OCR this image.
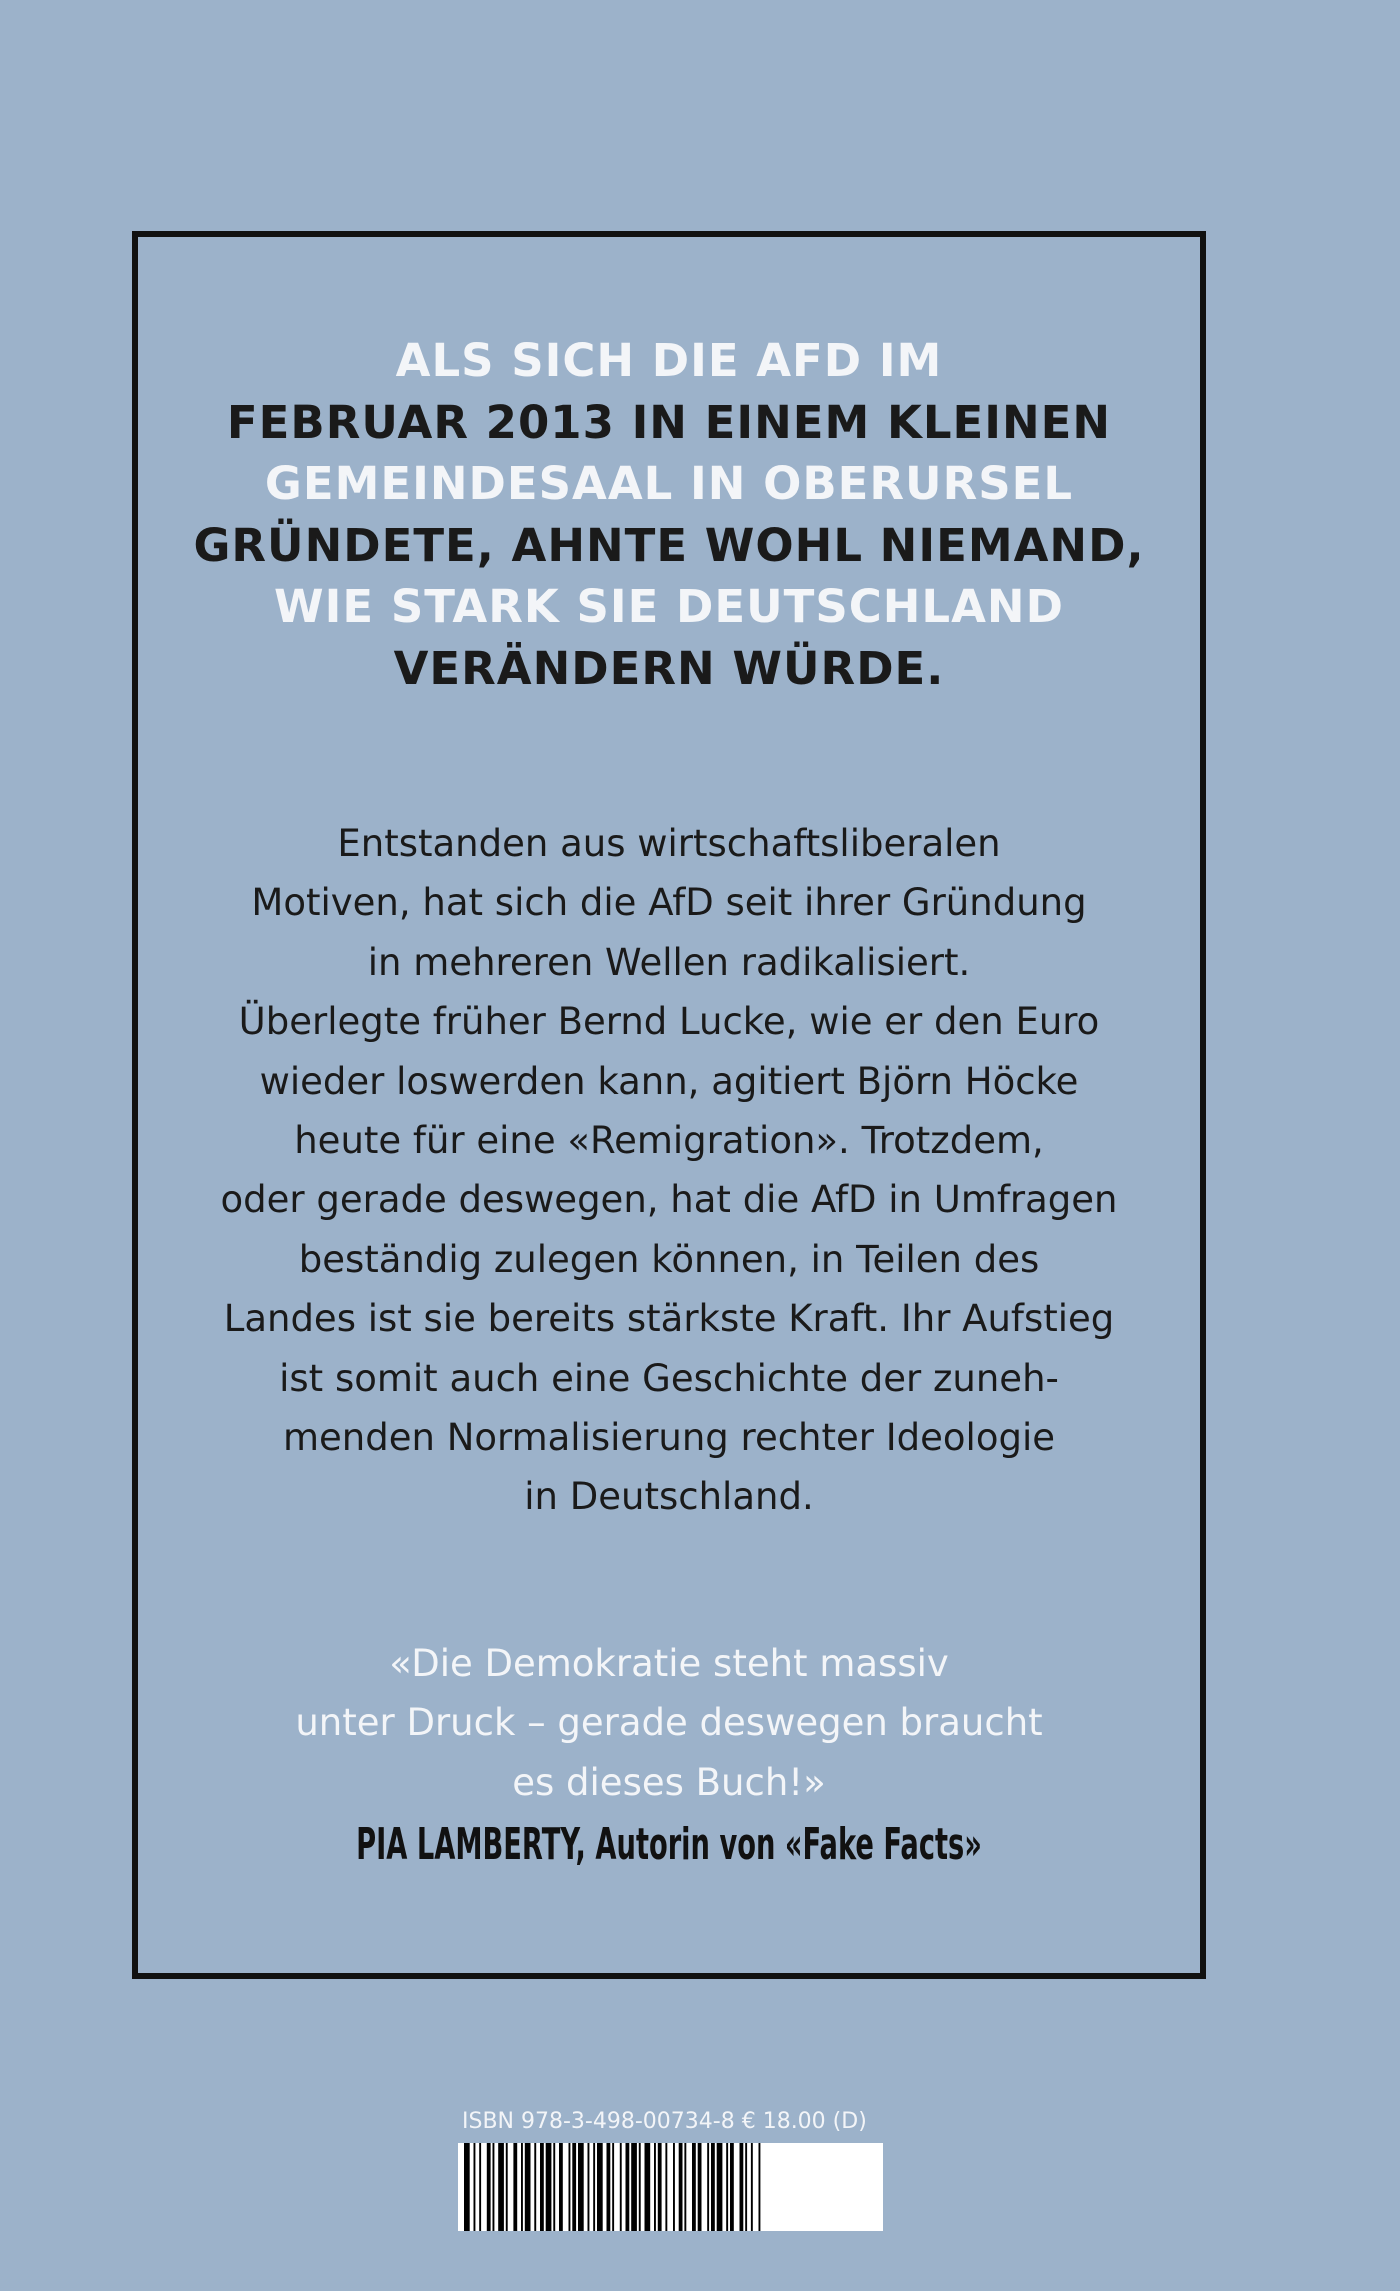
ALS SICH DIE AFD IM
FEBRUAR 2013 IN EINEM KLEINEN
GEMEINDESAAL IN OBERURSEL
GRÜNDETE, AHNTE WOHL NIEMAND,
WIE STARK SIE DEUTSCHLAND
VERÄNDERN WÜRDE.
Entstanden aus wirtschaftsliberalen
Motiven, hat sich die AfD seit ihrer Gründung
in mehreren Wellen radikalisiert.
Überlegte früher Bernd Lucke, wie er den Euro
wieder loswerden kann, agitiert Björn Höcke
heute für eine «Remigration». Trotzdem,
oder gerade deswegen, hat die AfD in Umfragen
beständig zulegen können, in Teilen des
Landes ist sie bereits stärkste Kraft. Ihr Aufstieg
ist somit auch eine Geschichte der zuneh-
menden Normalisierung rechter Ideologie
in Deutschland.
«Die Demokratie steht massiv
unter Druck – gerade deswegen braucht
es dieses Buch!»
PIA LAMBERTY, Autorin von «Fake Facts»
ISBN 978-3-498-00734-8 € 18.00 (D)
